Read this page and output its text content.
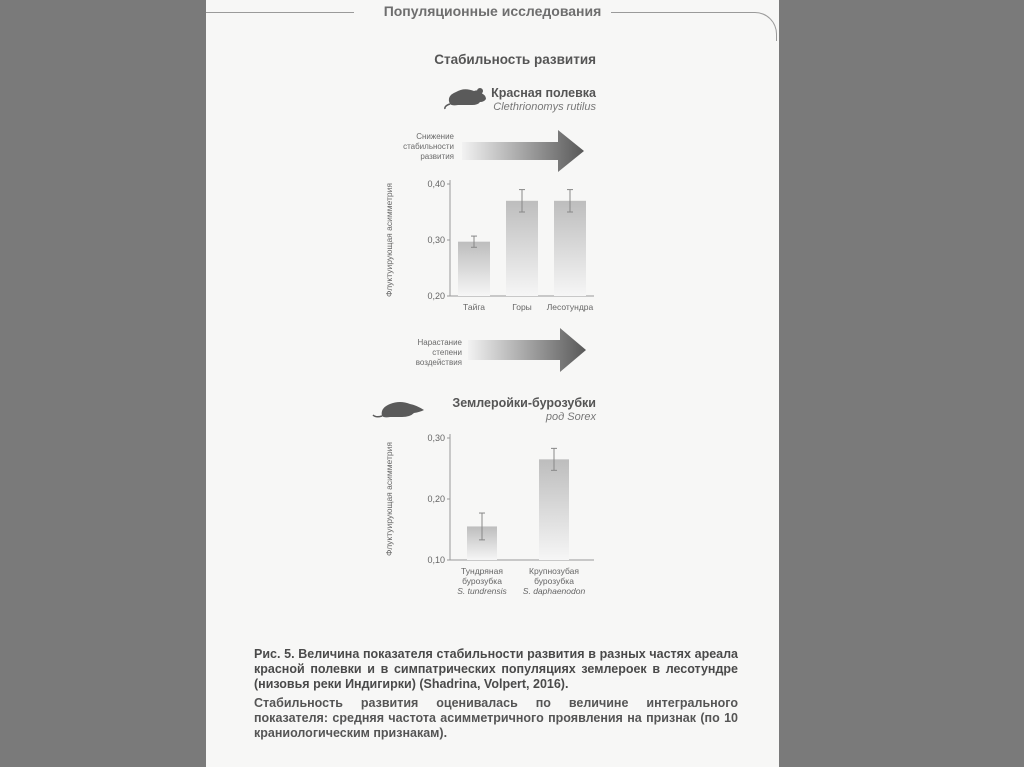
Популяционные исследования
Стабильность развития
Красная полевка
Clethrionomys rutilus
Снижение
стабильности
развития
0,20
0,30
0,40
Флуктуирующая асимметрия
Тайга	Горы Лесотундра
Нарастание
степени
воздействия
Землеройки-бурозубки
род Sorex
0,10
0,20
0,30
Флуктуирующая асимметрия
Тундряная
бурозубка
S. tundrensis
Крупнозубая
бурозубка
S. daphaenodon
Рис. 5. Величина показателя стабильности развития в разных частях ареала красной полевки и в симпатрических популяциях землероек в лесотундре (низовья реки Индигирки) (Shadrina, Volpert, 2016).
Стабильность развития оценивалась по величине интегрального показателя: средняя частота асимметричного проявления на признак (по 10 краниологическим признакам).
